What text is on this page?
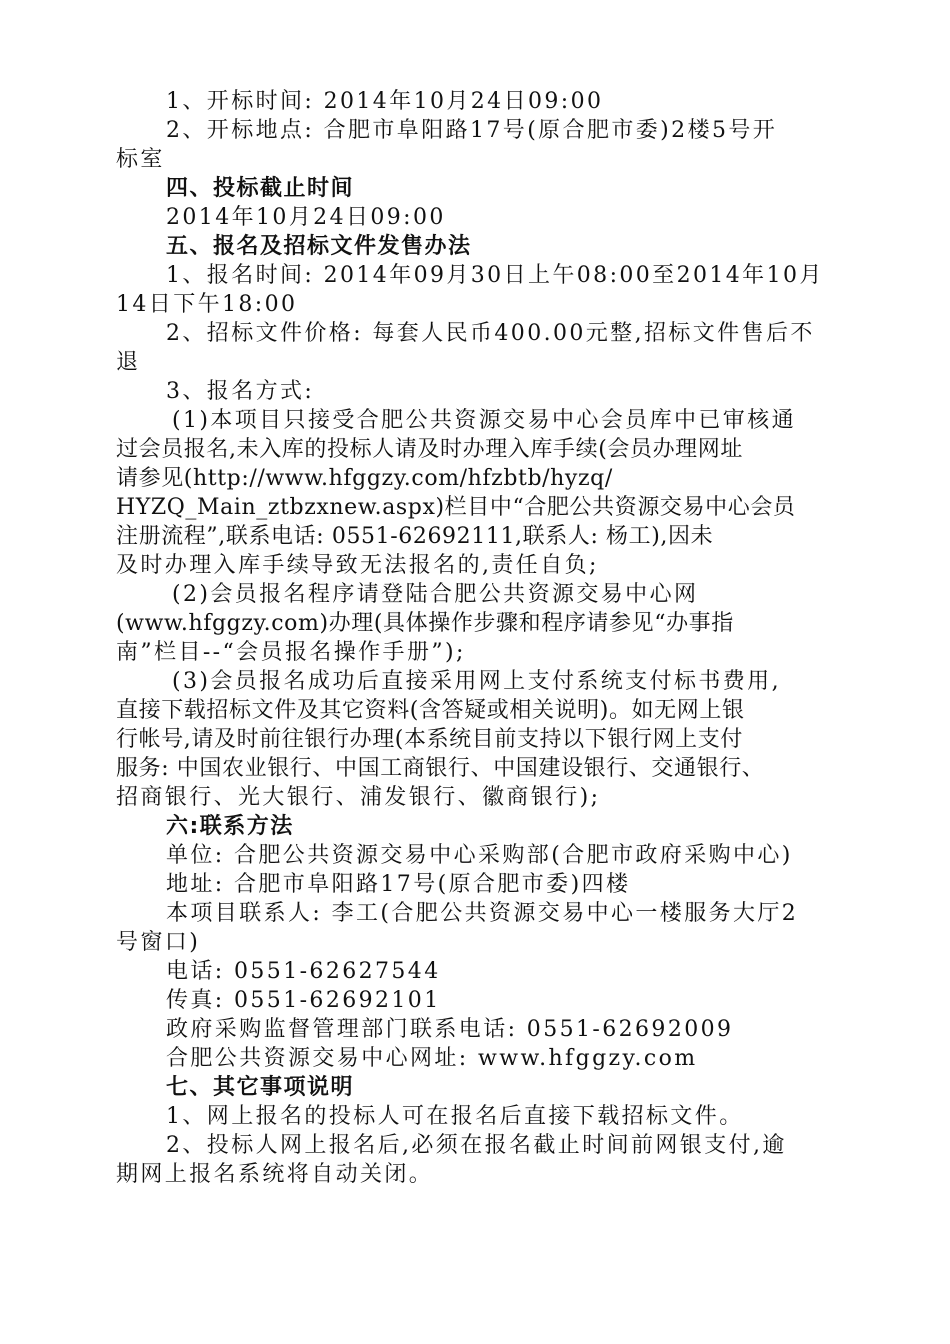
1、开标时间: 2014年10月24日09:00

2、开标地点: 合肥市阜阳路17号(原合肥市委)2楼5号开

标室

四、投标截止时间

2014年10月24日09:00

五、报名及招标文件发售办法

1、报名时间: 2014年09月30日上午08:00至2014年10月

14日下午18:00

2、招标文件价格: 每套人民币400.00元整,招标文件售后不

退

3、报名方式:

(1)本项目只接受合肥公共资源交易中心会员库中已审核通

过会员报名,未入库的投标人请及时办理入库手续(会员办理网址

请参见(http://www.hfggzy.com/hfzbtb/hyzq/

HYZQ_Main_ztbzxnew.aspx)栏目中“合肥公共资源交易中心会员

注册流程”,联系电话: 0551-62692111,联系人: 杨工),因未

及时办理入库手续导致无法报名的,责任自负;

(2)会员报名程序请登陆合肥公共资源交易中心网

(www.hfggzy.com)办理(具体操作步骤和程序请参见“办事指

南”栏目--“会员报名操作手册”);

(3)会员报名成功后直接采用网上支付系统支付标书费用,

直接下载招标文件及其它资料(含答疑或相关说明)。如无网上银

行帐号,请及时前往银行办理(本系统目前支持以下银行网上支付

服务: 中国农业银行、中国工商银行、中国建设银行、交通银行、

招商银行、光大银行、浦发银行、徽商银行);

六:联系方法

单位: 合肥公共资源交易中心采购部(合肥市政府采购中心)

地址: 合肥市阜阳路17号(原合肥市委)四楼

本项目联系人: 李工(合肥公共资源交易中心一楼服务大厅2

号窗口)

电话: 0551-62627544

传真: 0551-62692101

政府采购监督管理部门联系电话: 0551-62692009

合肥公共资源交易中心网址: www.hfggzy.com

七、其它事项说明

1、网上报名的投标人可在报名后直接下载招标文件。

2、投标人网上报名后,必须在报名截止时间前网银支付,逾

期网上报名系统将自动关闭。
